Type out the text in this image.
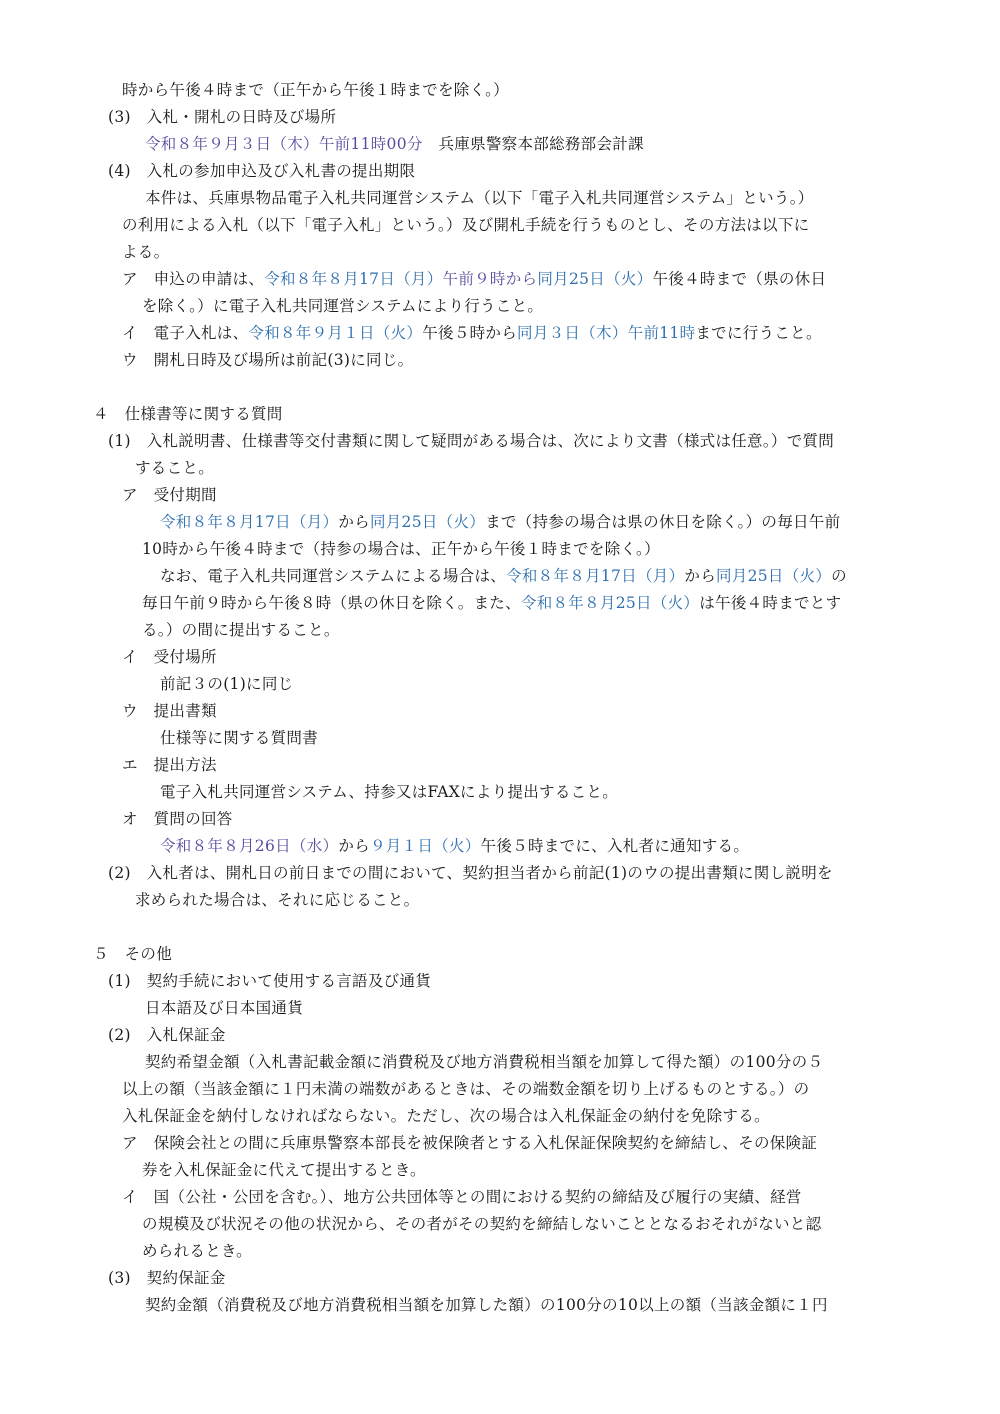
時から午後４時まで（正午から午後１時までを除く。）
(3)　入札・開札の日時及び場所
令和８年９月３日（木）午前11時00分　兵庫県警察本部総務部会計課
(4)　入札の参加申込及び入札書の提出期限
本件は、兵庫県物品電子入札共同運営システム（以下「電子入札共同運営システム」という。）
の利用による入札（以下「電子入札」という。）及び開札手続を行うものとし、その方法は以下に
よる。
ア　申込の申請は、令和８年８月17日（月）午前９時から同月25日（火）午後４時まで（県の休日
を除く。）に電子入札共同運営システムにより行うこと。
イ　電子入札は、令和８年９月１日（火）午後５時から同月３日（木）午前11時までに行うこと。
ウ　開札日時及び場所は前記(3)に同じ。
４　仕様書等に関する質問
(1)　入札説明書、仕様書等交付書類に関して疑問がある場合は、次により文書（様式は任意。）で質問
すること。
ア　受付期間
令和８年８月17日（月）から同月25日（火）まで（持参の場合は県の休日を除く。）の毎日午前
10時から午後４時まで（持参の場合は、正午から午後１時までを除く。）
なお、電子入札共同運営システムによる場合は、令和８年８月17日（月）から同月25日（火）の
毎日午前９時から午後８時（県の休日を除く。また、令和８年８月25日（火）は午後４時までとす
る。）の間に提出すること。
イ　受付場所
前記３の(1)に同じ
ウ　提出書類
仕様等に関する質問書
エ　提出方法
電子入札共同運営システム、持参又はFAXにより提出すること。
オ　質問の回答
令和８年８月26日（水）から９月１日（火）午後５時までに、入札者に通知する。
(2)　入札者は、開札日の前日までの間において、契約担当者から前記(1)のウの提出書類に関し説明を
求められた場合は、それに応じること。
５　その他
(1)　契約手続において使用する言語及び通貨
日本語及び日本国通貨
(2)　入札保証金
契約希望金額（入札書記載金額に消費税及び地方消費税相当額を加算して得た額）の100分の５
以上の額（当該金額に１円未満の端数があるときは、その端数金額を切り上げるものとする。）の
入札保証金を納付しなければならない。ただし、次の場合は入札保証金の納付を免除する。
ア　保険会社との間に兵庫県警察本部長を被保険者とする入札保証保険契約を締結し、その保険証
券を入札保証金に代えて提出するとき。
イ　国（公社・公団を含む。）、地方公共団体等との間における契約の締結及び履行の実績、経営
の規模及び状況その他の状況から、その者がその契約を締結しないこととなるおそれがないと認
められるとき。
(3)　契約保証金
契約金額（消費税及び地方消費税相当額を加算した額）の100分の10以上の額（当該金額に１円
